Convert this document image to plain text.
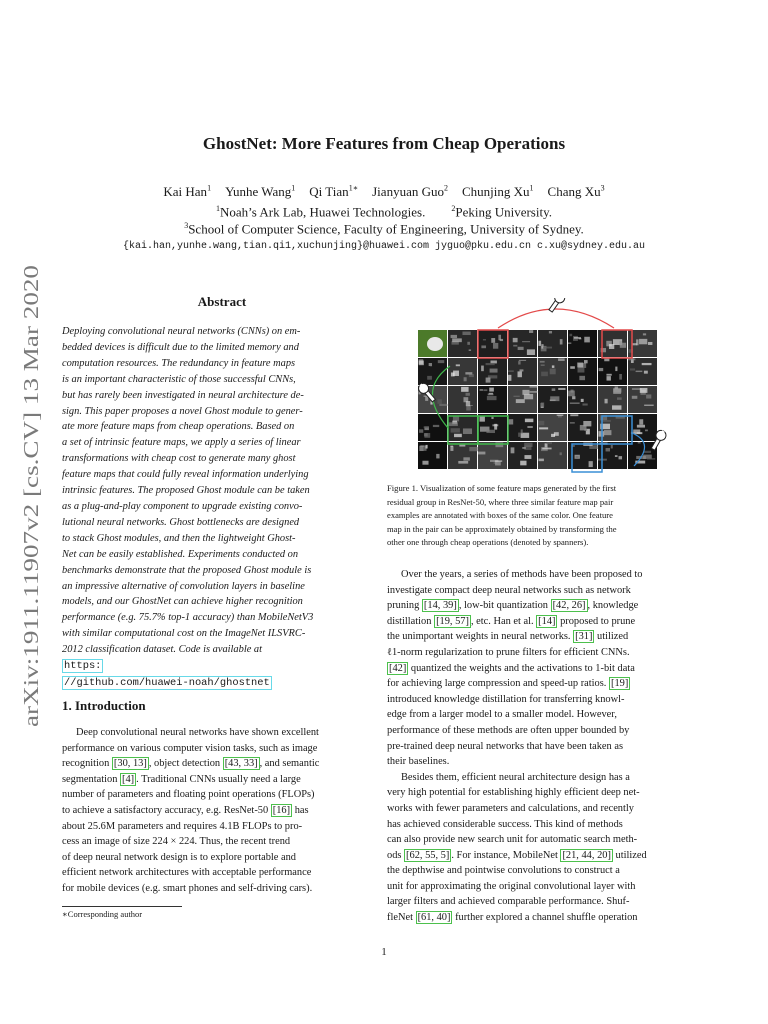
arXiv:1911.11907v2 [cs.CV] 13 Mar 2020
GhostNet: More Features from Cheap Operations
Kai Han$^1$ Yunhe Wang$^1$ Qi Tian$^{1∗}$ Jianyuan Guo$^2$ Chunjing Xu$^1$ Chang Xu$^3$
$^1$Noah’s Ark Lab, Huawei Technologies.	$^2$Peking University.
$^3$School of Computer Science, Faculty of Engineering, University of Sydney.
{kai.han,yunhe.wang,tian.qi1,xuchunjing}@huawei.com jyguo@pku.edu.cn c.xu@sydney.edu.au
Abstract
Deploying convolutional neural networks (CNNs) on em-
bedded devices is difficult due to the limited memory and
computation resources. The redundancy in feature maps
is an important characteristic of those successful CNNs,
but has rarely been investigated in neural architecture de-
sign. This paper proposes a novel Ghost module to gener-
ate more feature maps from cheap operations. Based on
a set of intrinsic feature maps, we apply a series of linear
transformations with cheap cost to generate many ghost
feature maps that could fully reveal information underlying
intrinsic features. The proposed Ghost module can be taken
as a plug-and-play component to upgrade existing convo-
lutional neural networks. Ghost bottlenecks are designed
to stack Ghost modules, and then the lightweight Ghost-
Net can be easily established. Experiments conducted on
benchmarks demonstrate that the proposed Ghost module is
an impressive alternative of convolution layers in baseline
models, and our GhostNet can achieve higher recognition
performance (e.g. 75.7% top-1 accuracy) than MobileNetV3
with similar computational cost on the ImageNet ILSVRC-
2012 classification dataset. Code is available at
https:
//github.com/huawei-noah/ghostnet
1. Introduction
Deep convolutional neural networks have shown excellent
performance on various computer vision tasks, such as image
recognition [30, 13] , object detection [43, 33] , and semantic
segmentation [4] . Traditional CNNs usually need a large
number of parameters and floating point operations (FLOPs)
to achieve a satisfactory accuracy, e.g. ResNet-50 [16] has
about 25.6M parameters and requires 4.1B FLOPs to pro-
cess an image of size 224 × 224. Thus, the recent trend
of deep neural network design is to explore portable and
efficient network architectures with acceptable performance
for mobile devices (e.g. smart phones and self-driving cars).
∗Corresponding author
Figure 1. Visualization of some feature maps generated by the first
residual group in ResNet-50, where three similar feature map pair
examples are annotated with boxes of the same color. One feature
map in the pair can be approximately obtained by transforming the
other one through cheap operations (denoted by spanners).
Over the years, a series of methods have been proposed to
investigate compact deep neural networks such as network
pruning [14, 39] , low-bit quantization [42, 26] , knowledge
distillation [19, 57] , etc. Han et al. [14] proposed to prune
the unimportant weights in neural networks. [31] utilized
ℓ1-norm regularization to prune filters for efficient CNNs.
[42] quantized the weights and the activations to 1-bit data
for achieving large compression and speed-up ratios. [19]
introduced knowledge distillation for transferring knowl-
edge from a larger model to a smaller model. However,
performance of these methods are often upper bounded by
pre-trained deep neural networks that have been taken as
their baselines.
Besides them, efficient neural architecture design has a
very high potential for establishing highly efficient deep net-
works with fewer parameters and calculations, and recently
has achieved considerable success. This kind of methods
can also provide new search unit for automatic search meth-
ods [62, 55, 5] . For instance, MobileNet [21, 44, 20] utilized
the depthwise and pointwise convolutions to construct a
unit for approximating the original convolutional layer with
larger filters and achieved comparable performance. Shuf-
fleNet [61, 40] further explored a channel shuffle operation
1
